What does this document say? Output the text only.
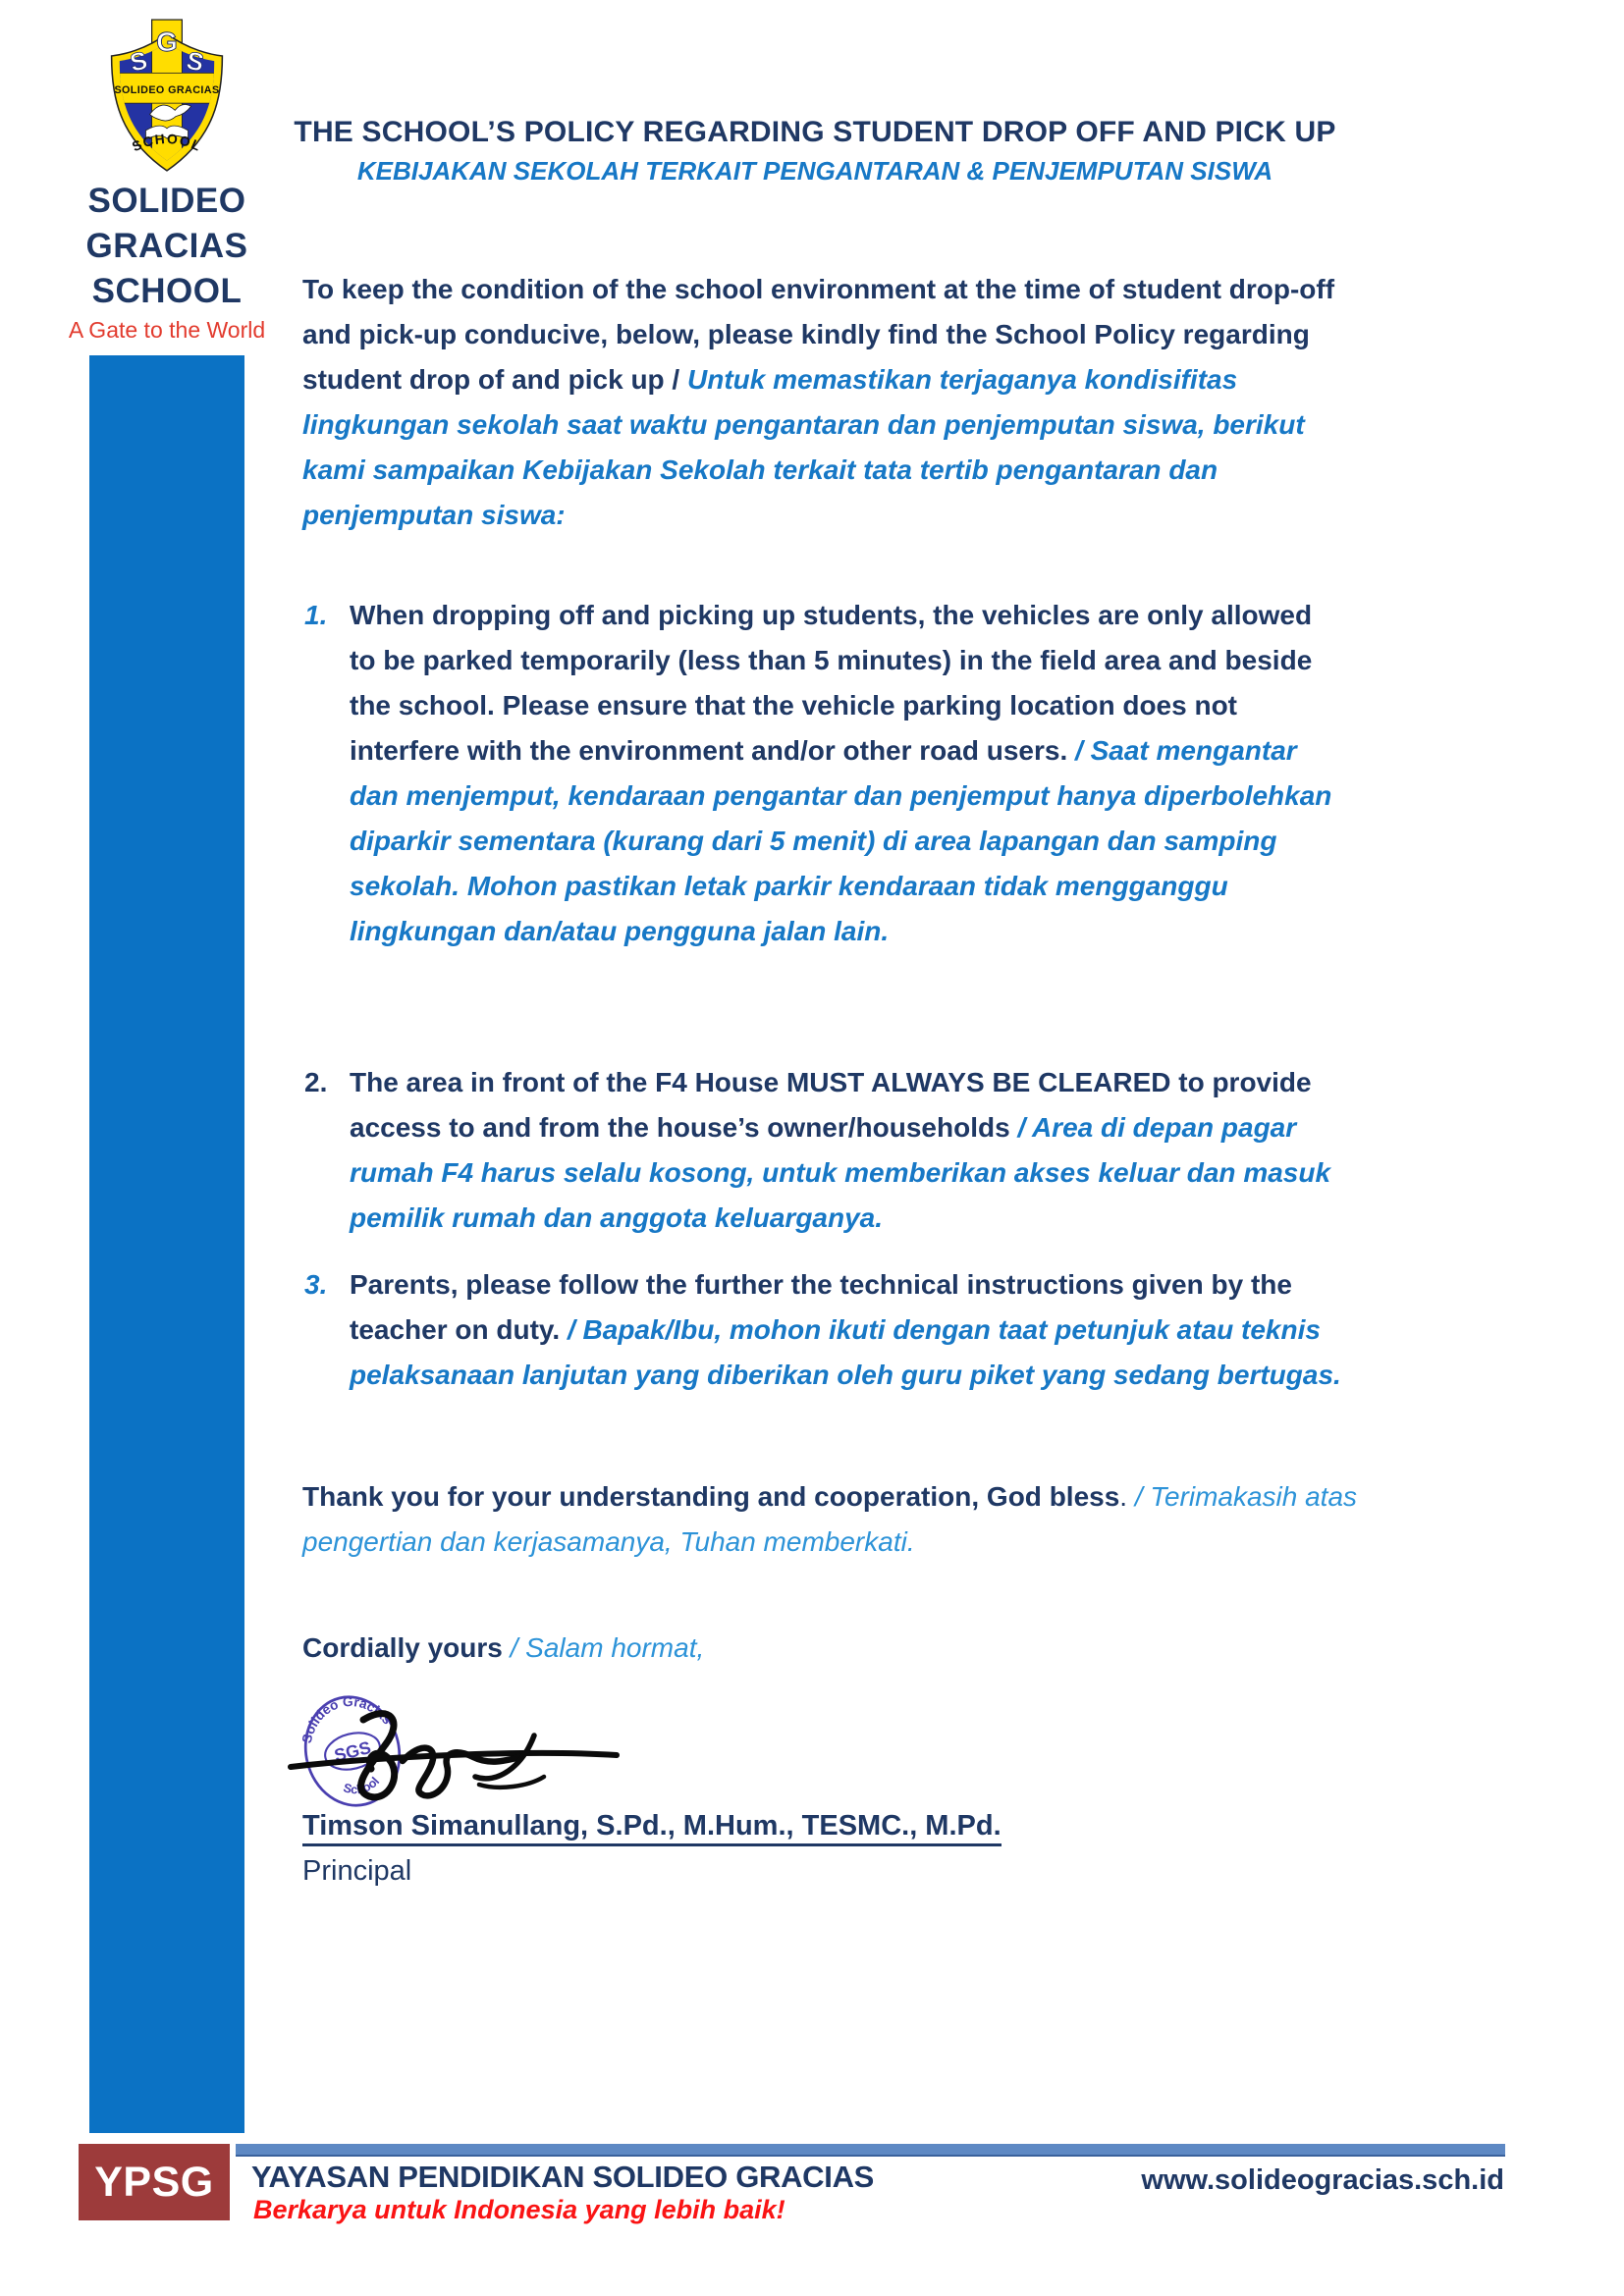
S
G
S
SOLIDEO GRACIAS
SCHOOL
SOLIDEO
GRACIAS
SCHOOL
A Gate to the World
THE SCHOOL’S POLICY REGARDING STUDENT DROP OFF AND PICK UP
KEBIJAKAN SEKOLAH TERKAIT PENGANTARAN & PENJEMPUTAN SISWA
To keep the condition of the school environment at the time of student drop-off and pick-up conducive, below, please kindly find the School Policy regarding student drop of and pick up / Untuk memastikan terjaganya kondisifitas lingkungan sekolah saat waktu pengantaran dan penjemputan siswa, berikut kami sampaikan Kebijakan Sekolah terkait tata tertib pengantaran dan penjemputan siswa:
1. When dropping off and picking up students, the vehicles are only allowed to be parked temporarily (less than 5 minutes) in the field area and beside the school. Please ensure that the vehicle parking location does not interfere with the environment and/or other road users. / Saat mengantar dan menjemput, kendaraan pengantar dan penjemput hanya diperbolehkan diparkir sementara (kurang dari 5 menit) di area lapangan dan samping sekolah. Mohon pastikan letak parkir kendaraan tidak mengganggu lingkungan dan/atau pengguna jalan lain.
2. The area in front of the F4 House MUST ALWAYS BE CLEARED to provide access to and from the house’s owner/households / Area di depan pagar rumah F4 harus selalu kosong, untuk memberikan akses keluar dan masuk pemilik rumah dan anggota keluarganya.
3. Parents, please follow the further the technical instructions given by the teacher on duty. / Bapak/Ibu, mohon ikuti dengan taat petunjuk atau teknis pelaksanaan lanjutan yang diberikan oleh guru piket yang sedang bertugas.
Thank you for your understanding and cooperation, God bless. / Terimakasih atas pengertian dan kerjasamanya, Tuhan memberkati.
Cordially yours / Salam hormat,
Solideo Gracias
SGS
School
Timson Simanullang, S.Pd., M.Hum., TESMC., M.Pd.
Principal
YPSG	YAYASAN PENDIDIKAN SOLIDEO GRACIAS
Berkarya untuk Indonesia yang lebih baik!
www.solideogracias.sch.id
